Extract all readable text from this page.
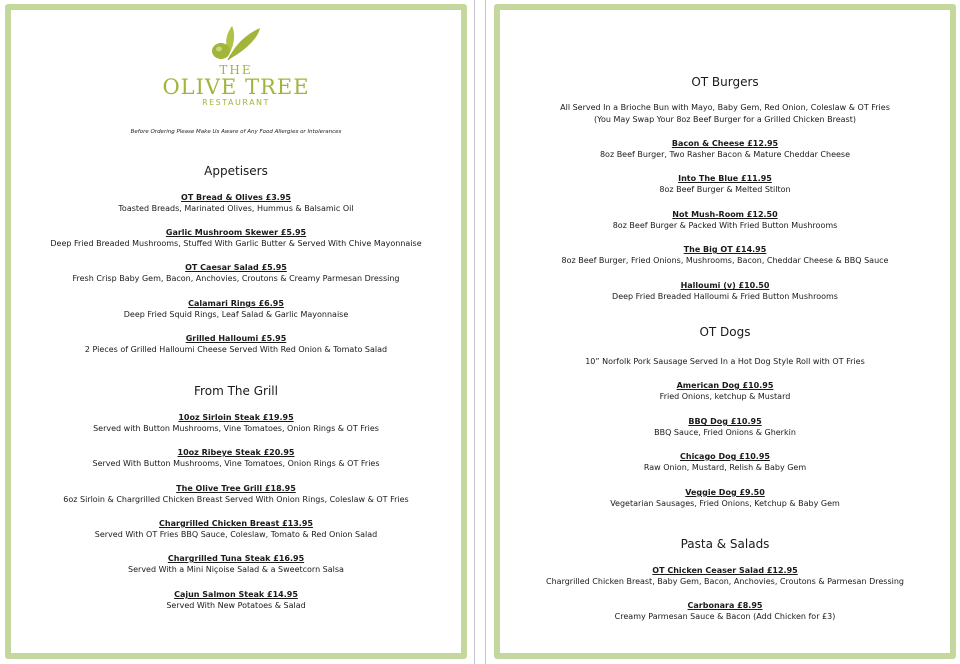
THE
OLIVE TREE
RESTAURANT
Before Ordering Please Make Us Aware of Any Food Allergies or Intolerances
Appetisers
OT Bread & Olives £3.95
Toasted Breads, Marinated Olives, Hummus & Balsamic Oil
Garlic Mushroom Skewer £5.95
Deep Fried Breaded Mushrooms, Stuffed With Garlic Butter & Served With Chive Mayonnaise
OT Caesar Salad £5.95
Fresh Crisp Baby Gem, Bacon, Anchovies, Croutons & Creamy Parmesan Dressing
Calamari Rings £6.95
Deep Fried Squid Rings, Leaf Salad & Garlic Mayonnaise
Grilled Halloumi £5.95
2 Pieces of Grilled Halloumi Cheese Served With Red Onion & Tomato Salad
From The Grill
10oz Sirloin Steak £19.95
Served with Button Mushrooms, Vine Tomatoes, Onion Rings & OT Fries
10oz Ribeye Steak £20.95
Served With Button Mushrooms, Vine Tomatoes, Onion Rings & OT Fries
The Olive Tree Grill £18.95
6oz Sirloin & Chargrilled Chicken Breast Served With Onion Rings, Coleslaw & OT Fries
Chargrilled Chicken Breast £13.95
Served With OT Fries BBQ Sauce, Coleslaw, Tomato & Red Onion Salad
Chargrilled Tuna Steak £16.95
Served With a Mini Niçoise Salad & a Sweetcorn Salsa
Cajun Salmon Steak £14.95
Served With New Potatoes & Salad
OT Burgers
All Served In a Brioche Bun with Mayo, Baby Gem, Red Onion, Coleslaw & OT Fries
(You May Swap Your 8oz Beef Burger for a Grilled Chicken Breast)
Bacon & Cheese £12.95
8oz Beef Burger, Two Rasher Bacon & Mature Cheddar Cheese
Into The Blue £11.95
8oz Beef Burger & Melted Stilton
Not Mush-Room £12.50
8oz Beef Burger & Packed With Fried Button Mushrooms
The Big OT £14.95
8oz Beef Burger, Fried Onions, Mushrooms, Bacon, Cheddar Cheese & BBQ Sauce
Halloumi (v) £10.50
Deep Fried Breaded Halloumi & Fried Button Mushrooms
OT Dogs
10” Norfolk Pork Sausage Served In a Hot Dog Style Roll with OT Fries
American Dog £10.95
Fried Onions, ketchup & Mustard
BBQ Dog £10.95
BBQ Sauce, Fried Onions & Gherkin
Chicago Dog £10.95
Raw Onion, Mustard, Relish & Baby Gem
Veggie Dog £9.50
Vegetarian Sausages, Fried Onions, Ketchup & Baby Gem
Pasta & Salads
OT Chicken Ceaser Salad £12.95
Chargrilled Chicken Breast, Baby Gem, Bacon, Anchovies, Croutons & Parmesan Dressing
Carbonara £8.95
Creamy Parmesan Sauce & Bacon (Add Chicken for £3)
